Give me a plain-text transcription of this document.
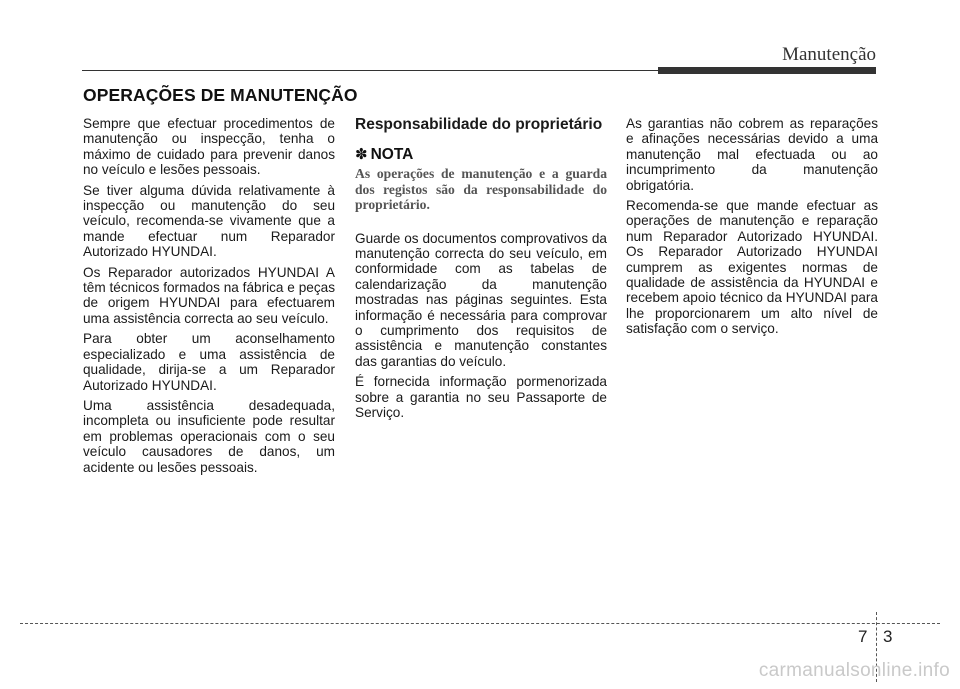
Manutenção
OPERAÇÕES DE MANUTENÇÃO

Sempre que efectuar procedimentos de manutenção ou inspecção, tenha o máximo de cuidado para prevenir danos no veículo e lesões pessoais.

Se tiver alguma dúvida relativamente à inspecção ou manutenção do seu veículo, recomenda-se vivamente que a mande efectuar num Reparador Autorizado HYUNDAI.

Os Reparador autorizados HYUNDAI A têm técnicos formados na fábrica e peças de origem HYUNDAI para efectuarem uma assistência correcta ao seu veículo.

Para obter um aconselhamento especializado e uma assistência de qualidade, dirija-se a um Reparador Autorizado HYUNDAI.

Uma assistência desadequada, incompleta ou insuficiente pode resultar em problemas operacionais com o seu veículo causadores de danos, um acidente ou lesões pessoais.

Responsabilidade do proprietário
✽ NOTA

As operações de manutenção e a guarda dos registos são da responsabilidade do proprietário.

Guarde os documentos comprovativos da manutenção correcta do seu veículo, em conformidade com as tabelas de calendarização da manutenção mostradas nas páginas seguintes. Esta informação é necessária para comprovar o cumprimento dos requisitos de assistência e manutenção constantes das garantias do veículo.

É fornecida informação pormenorizada sobre a garantia no seu Passaporte de Serviço.

As garantias não cobrem as reparações e afinações necessárias devido a uma manutenção mal efectuada ou ao incumprimento da manutenção obrigatória.

Recomenda-se que mande efectuar as operações de manutenção e reparação num Reparador Autorizado HYUNDAI. Os Reparador Autorizado HYUNDAI cumprem as exigentes normas de qualidade de assistência da HYUNDAI e recebem apoio técnico da HYUNDAI para lhe proporcionarem um alto nível de satisfação com o serviço.

7 3
carmanualsonline.info
